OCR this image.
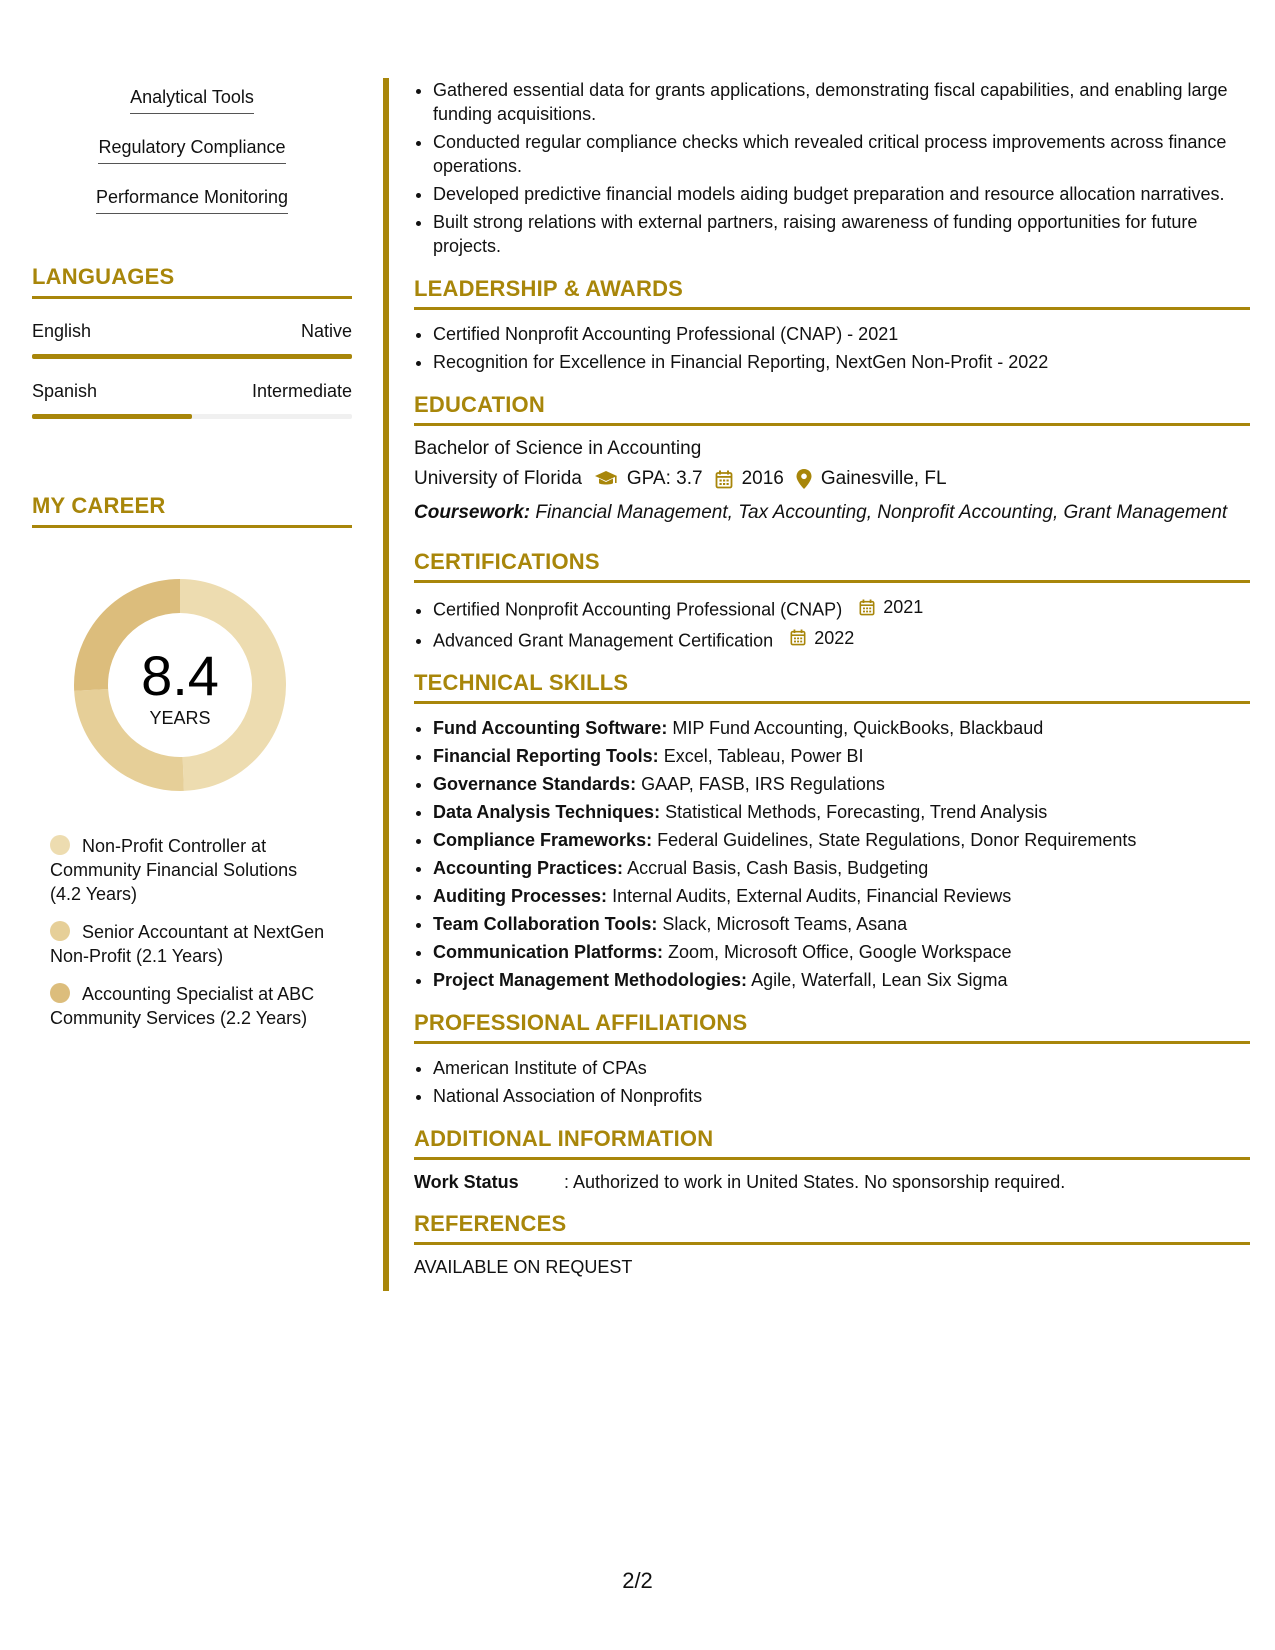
Analytical Tools
Regulatory Compliance
Performance Monitoring
LANGUAGES
English	Native
Spanish	Intermediate
MY CAREER
8.4
YEARS
Non-Profit Controller at Community Financial Solutions (4.2 Years)
Senior Accountant at NextGen Non-Profit (2.1 Years)
Accounting Specialist at ABC Community Services (2.2 Years)
• Gathered essential data for grants applications, demonstrating fiscal capabilities, and enabling large funding acquisitions.
• Conducted regular compliance checks which revealed critical process improvements across finance operations.
• Developed predictive financial models aiding budget preparation and resource allocation narratives.
• Built strong relations with external partners, raising awareness of funding opportunities for future projects.
LEADERSHIP & AWARDS
• Certified Nonprofit Accounting Professional (CNAP) - 2021
• Recognition for Excellence in Financial Reporting, NextGen Non-Profit - 2022
EDUCATION
Bachelor of Science in Accounting
University of Florida GPA: 3.7 2016 Gainesville, FL
Coursework: Financial Management, Tax Accounting, Nonprofit Accounting, Grant Management
CERTIFICATIONS
• Certified Nonprofit Accounting Professional (CNAP) 2021
• Advanced Grant Management Certification 2022
TECHNICAL SKILLS
• Fund Accounting Software: MIP Fund Accounting, QuickBooks, Blackbaud
• Financial Reporting Tools: Excel, Tableau, Power BI
• Governance Standards: GAAP, FASB, IRS Regulations
• Data Analysis Techniques: Statistical Methods, Forecasting, Trend Analysis
• Compliance Frameworks: Federal Guidelines, State Regulations, Donor Requirements
• Accounting Practices: Accrual Basis, Cash Basis, Budgeting
• Auditing Processes: Internal Audits, External Audits, Financial Reviews
• Team Collaboration Tools: Slack, Microsoft Teams, Asana
• Communication Platforms: Zoom, Microsoft Office, Google Workspace
• Project Management Methodologies: Agile, Waterfall, Lean Six Sigma
PROFESSIONAL AFFILIATIONS
• American Institute of CPAs
• National Association of Nonprofits
ADDITIONAL INFORMATION
Work Status	: Authorized to work in United States. No sponsorship required.
REFERENCES
AVAILABLE ON REQUEST
2/2
